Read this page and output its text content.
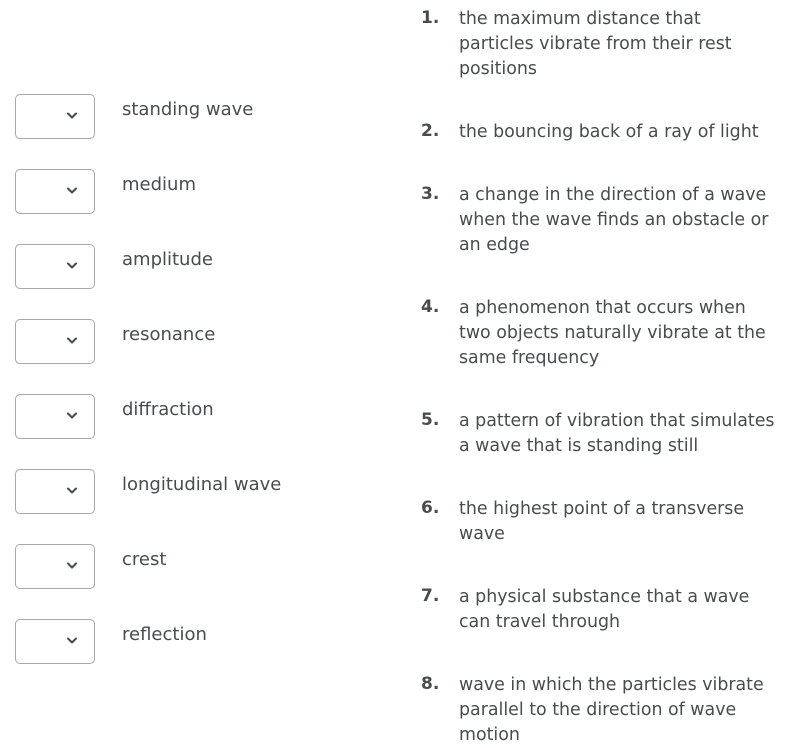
standing wave
medium
amplitude
resonance
diffraction
longitudinal wave
crest
reflection
1. the maximum distance that
particles vibrate from their rest
positions
2. the bouncing back of a ray of light
3. a change in the direction of a wave
when the wave finds an obstacle or
an edge
4. a phenomenon that occurs when
two objects naturally vibrate at the
same frequency
5. a pattern of vibration that simulates
a wave that is standing still
6. the highest point of a transverse
wave
7. a physical substance that a wave
can travel through
8. wave in which the particles vibrate
parallel to the direction of wave
motion
